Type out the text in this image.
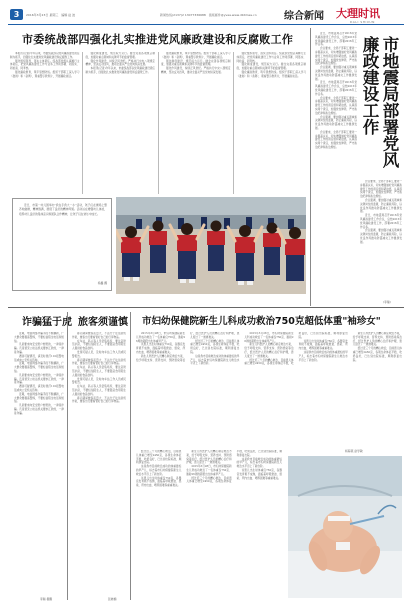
3	2016年3月23日 星期三 编辑 赵 波	新闻热线(2137)2 13077336688 值班邮件@yvaa.www.dbtimes.cn	综合新闻 大理时讯
DALI SHIXUN
市委统战部四强化扎实推进党风廉政建设和反腐败工作

本报讯(记者)今年以来，市委统战部以党风廉政建设责任制为抓手，四强化扎实推进党风廉政建设和反腐败工作。

强化组织领导，落实主体责任。统战部党组认真履行主体责任，把党风廉政建设工作与业务工作同部署、同落实、同检查、同考核。

强化廉政教育，筑牢思想防线。组织干部职工深入学习《准则》和《条例》，观看警示教育片，开展廉政谈话。

强化制度建设，规范权力运行。健全完善各项规章制度，加强对重点领域和关键环节的监督管理。

强化作风建设，持续正风肃纪。严格执行中央八项规定精神，坚决反对四风，推动全面从严治党向纵深发展。

本报讯(记者)今年以来，市委统战部以党风廉政建设责任制为抓手，四强化扎实推进党风廉政建设和反腐败工作。

强化廉政教育，筑牢思想防线。组织干部职工深入学习《准则》和《条例》，观看警示教育片，开展廉政谈话。

强化制度建设，规范权力运行。健全完善各项规章制度，加强对重点领域和关键环节的监督管理。

强化作风建设，持续正风肃纪。严格执行中央八项规定精神，坚决反对四风，推动全面从严治党向纵深发展。

强化组织领导，落实主体责任。统战部党组认真履行主体责任，把党风廉政建设工作与业务工作同部署、同落实、同检查、同考核。

强化制度建设，规范权力运行。健全完善各项规章制度，加强对重点领域和关键环节的监督管理。

强化廉政教育，筑牢思想防线。组织干部职工深入学习《准则》和《条例》，观看警示教育片，开展廉政谈话。

近日，市地震局召开2016年党风廉政建设工作会议，总结2015年党风廉政建设工作，部署2016年工作任务。

会议要求，全局干部职工要进一步提高认识，切实增强做好党风廉政建设工作的责任感和紧迫感，认真落实两个责任，加强党性修养，严守政治纪律和政治规矩。

会议强调，要加强对重点领域和关键岗位的监督，防止廉政风险，以优良作风推动防震减灾工作健康发展。

近日，市地震局召开2016年党风廉政建设工作会议，总结2015年党风廉政建设工作，部署2016年工作任务。

会议要求，全局干部职工要进一步提高认识，切实增强做好党风廉政建设工作的责任感和紧迫感，认真落实两个责任，加强党性修养，严守政治纪律和政治规矩。

会议强调，要加强对重点领域和关键岗位的监督，防止廉政风险，以优良作风推动防震减灾工作健康发展。

会议要求，全局干部职工要进一步提高认识，切实增强做好党风廉政建设工作的责任感和紧迫感，认真落实两个责任，加强党性修养，严守政治纪律和政治规矩。	市地震局部署党风廉政建设工作

会议要求，全局干部职工要进一步提高认识，切实增强做好党风廉政建设工作的责任感和紧迫感，认真落实两个责任，加强党性修养，严守政治纪律和政治规矩。

会议强调，要加强对重点领域和关键岗位的监督，防止廉政风险，以优良作风推动防震减灾工作健康发展。

近日，市地震局召开2016年党风廉政建设工作会议，总结2015年党风廉政建设工作，部署2016年工作任务。

会议强调，要加强对重点领域和关键岗位的监督，防止廉政风险，以优良作风推动防震减灾工作健康发展。

(李瑞)
近日，市第一幼儿园举办"我在乎我大一小"活动，孩子们在操场上整齐地做操，精神饱满，展现了良好的精神风貌。活动旨在增强幼儿体质，培养幼儿良好的集体意识和团队合作精神，让孩子们在快乐中成长。
杨鑫 摄
诈骗猛于虎

近期，电信网络诈骗手段不断翻新，广大群众要提高警惕，不要轻信陌生电话和短信。

凡是要求向安全账户转账的，一律是诈骗。凡是冒充公检法机关要求汇款的，一律是诈骗。

遇到可疑情况，请及时拨打110报警电话或向公安机关咨询。

近期，电信网络诈骗手段不断翻新，广大群众要提高警惕，不要轻信陌生电话和短信。

凡是要求向安全账户转账的，一律是诈骗。凡是冒充公检法机关要求汇款的，一律是诈骗。

遇到可疑情况，请及时拨打110报警电话或向公安机关咨询。

近期，电信网络诈骗手段不断翻新，广大群众要提高警惕，不要轻信陌生电话和短信。

凡是要求向安全账户转账的，一律是诈骗。凡是冒充公检法机关要求汇款的，一律是诈骗。

李瑞 提醒
旅客须谨慎

春运期间旅客流量大，不法分子往往趁机作案，旅客出行要看管好自己的行李物品。

在车站、码头等人员密集场所，要注意防范扒窃，不要轻信陌生人，不要随意食用陌生人提供的食品饮料。

发现可疑人员，及时向车站工作人员或民警报告。

春运期间旅客流量大，不法分子往往趁机作案，旅客出行要看管好自己的行李物品。

在车站、码头等人员密集场所，要注意防范扒窃，不要轻信陌生人，不要随意食用陌生人提供的食品饮料。

发现可疑人员，及时向车站工作人员或民警报告。

在车站、码头等人员密集场所，要注意防范扒窃，不要轻信陌生人，不要随意食用陌生人提供的食品饮料。

春运期间旅客流量大，不法分子往往趁机作案，旅客出行要看管好自己的行李物品。

张晓楠
市妇幼保健院新生儿科成功救治750克超低体重"袖珍女"

2015年3月28日，市妇幼保健院新生儿科成功救治了一名体重仅750克、胎龄26周的超低出生体重早产儿。

该患儿出生时体重仅750克，各器官发育极不成熟，面临着呼吸窘迫、感染、颅内出血、喂养困难等重重难关。

新生儿科医护人员精心制定救治方案，给予呼吸支持、营养支持、预防感染等治疗，经过医护人员的精心治疗和护理，患儿度过了一道道难关。

经过近三个月的精心救治，目前患儿体重已增至2450克，各项生命体征平稳，吃奶良好，已达到出院标准，顺利康复出院。

这是我市目前救治成功的体重最轻的早产儿，标志着市妇幼保健院新生儿救治水平迈上了新台阶。

2015年3月28日，市妇幼保健院新生儿科成功救治了一名体重仅750克、胎龄26周的超低出生体重早产儿。

新生儿科医护人员精心制定救治方案，给予呼吸支持、营养支持、预防感染等治疗，经过医护人员的精心治疗和护理，患儿度过了一道道难关。

经过近三个月的精心救治，目前患儿体重已增至2450克，各项生命体征平稳，吃奶良好，已达到出院标准，顺利康复出院。

该患儿出生时体重仅750克，各器官发育极不成熟，面临着呼吸窘迫、感染、颅内出血、喂养困难等重重难关。

这是我市目前救治成功的体重最轻的早产儿，标志着市妇幼保健院新生儿救治水平迈上了新台阶。

新生儿科医护人员精心制定救治方案，给予呼吸支持、营养支持、预防感染等治疗，经过医护人员的精心治疗和护理，患儿度过了一道道难关。

经过近三个月的精心救治，目前患儿体重已增至2450克，各项生命体征平稳，吃奶良好，已达到出院标准，顺利康复出院。

经过近三个月的精心救治，目前患儿体重已增至2450克，各项生命体征平稳，吃奶良好，已达到出院标准，顺利康复出院。

这是我市目前救治成功的体重最轻的早产儿，标志着市妇幼保健院新生儿救治水平迈上了新台阶。

该患儿出生时体重仅750克，各器官发育极不成熟，面临着呼吸窘迫、感染、颅内出血、喂养困难等重重难关。

新生儿科医护人员精心制定救治方案，给予呼吸支持、营养支持、预防感染等治疗，经过医护人员的精心治疗和护理，患儿度过了一道道难关。

2015年3月28日，市妇幼保健院新生儿科成功救治了一名体重仅750克、胎龄26周的超低出生体重早产儿。

经过近三个月的精心救治，目前患儿体重已增至2450克，各项生命体征平稳，吃奶良好，已达到出院标准，顺利康复出院。

这是我市目前救治成功的体重最轻的早产儿，标志着市妇幼保健院新生儿救治水平迈上了新台阶。

该患儿出生时体重仅750克，各器官发育极不成熟，面临着呼吸窘迫、感染、颅内出血、喂养困难等重重难关。

杨海燕 赵学敏
